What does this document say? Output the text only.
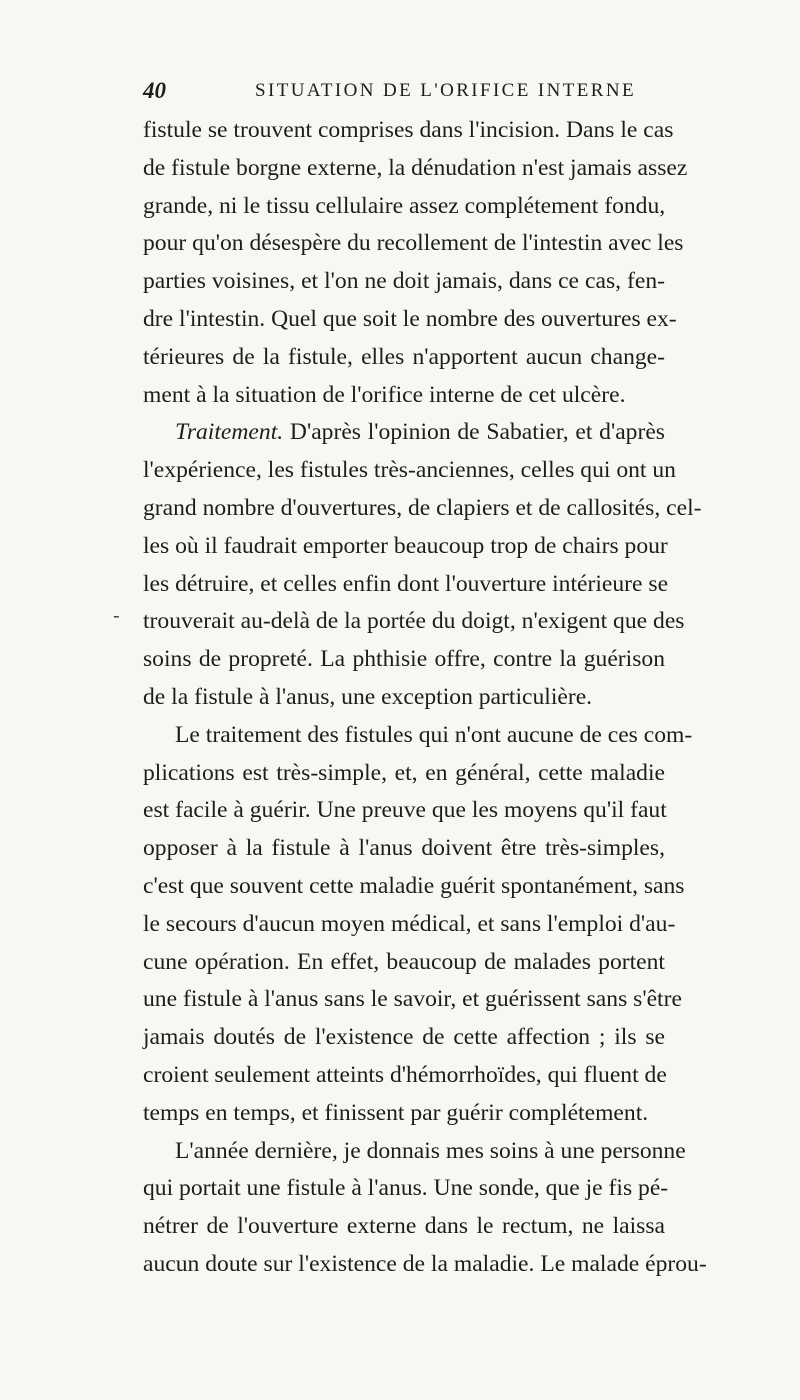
40	SITUATION DE L'ORIFICE INTERNE
-
fistule se trouvent comprises dans l'incision. Dans le cas
de fistule borgne externe, la dénudation n'est jamais assez
grande, ni le tissu cellulaire assez complétement fondu,
pour qu'on désespère du recollement de l'intestin avec les
parties voisines, et l'on ne doit jamais, dans ce cas, fen-
dre l'intestin. Quel que soit le nombre des ouvertures ex-
térieures de la fistule, elles n'apportent aucun change-
ment à la situation de l'orifice interne de cet ulcère.
Traitement. D'après l'opinion de Sabatier, et d'après
l'expérience, les fistules très-anciennes, celles qui ont un
grand nombre d'ouvertures, de clapiers et de callosités, cel-
les où il faudrait emporter beaucoup trop de chairs pour
les détruire, et celles enfin dont l'ouverture intérieure se
trouverait au-delà de la portée du doigt, n'exigent que des
soins de propreté. La phthisie offre, contre la guérison
de la fistule à l'anus, une exception particulière.
Le traitement des fistules qui n'ont aucune de ces com-
plications est très-simple, et, en général, cette maladie
est facile à guérir. Une preuve que les moyens qu'il faut
opposer à la fistule à l'anus doivent être très-simples,
c'est que souvent cette maladie guérit spontanément, sans
le secours d'aucun moyen médical, et sans l'emploi d'au-
cune opération. En effet, beaucoup de malades portent
une fistule à l'anus sans le savoir, et guérissent sans s'être
jamais doutés de l'existence de cette affection ; ils se
croient seulement atteints d'hémorrhoïdes, qui fluent de
temps en temps, et finissent par guérir complétement.
L'année dernière, je donnais mes soins à une personne
qui portait une fistule à l'anus. Une sonde, que je fis pé-
nétrer de l'ouverture externe dans le rectum, ne laissa
aucun doute sur l'existence de la maladie. Le malade éprou-
